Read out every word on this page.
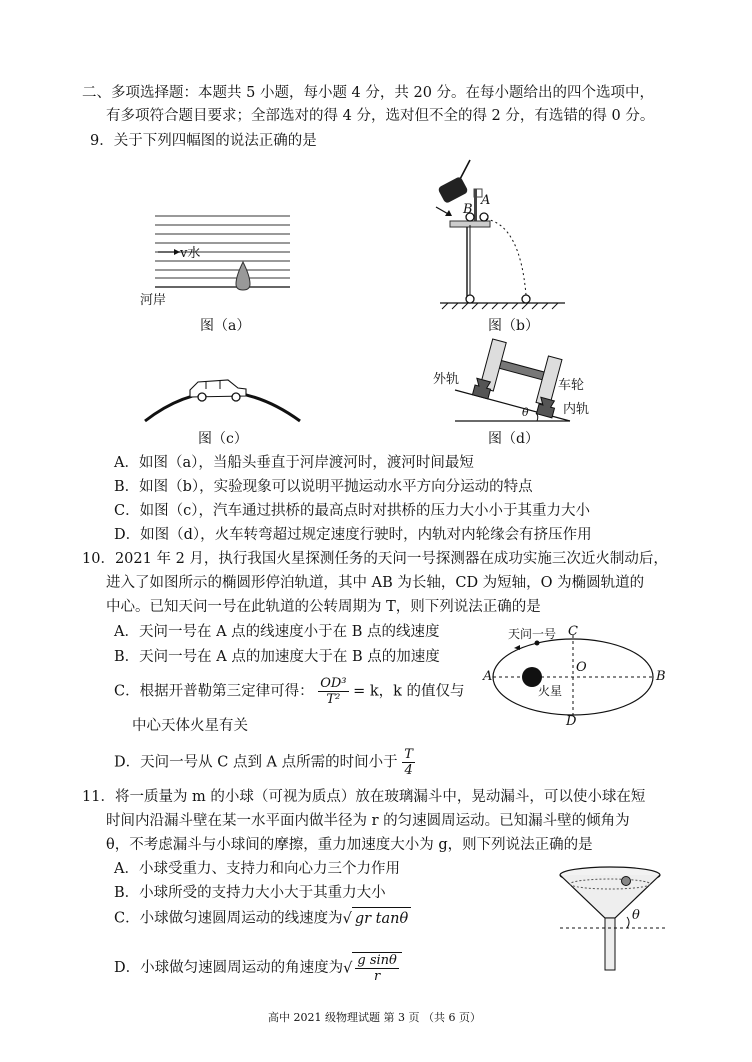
二、多项选择题：本题共 5 小题，每小题 4 分，共 20 分。在每小题给出的四个选项中，
有多项符合题目要求；全部选对的得 4 分，选对但不全的得 2 分，有选错的得 0 分。
9．关于下列四幅图的说法正确的是
v水
河岸
图（a）
B
A
图（b）
图（c）
外轨	车轮
内轨
θ
图（d）
A．如图（a），当船头垂直于河岸渡河时，渡河时间最短
B．如图（b），实验现象可以说明平抛运动水平方向分运动的特点
C．如图（c），汽车通过拱桥的最高点时对拱桥的压力大小小于其重力大小
D．如图（d），火车转弯超过规定速度行驶时，内轨对内轮缘会有挤压作用
10．2021 年 2 月，执行我国火星探测任务的天问一号探测器在成功实施三次近火制动后，
进入了如图所示的椭圆形停泊轨道，其中 AB 为长轴，CD 为短轴，O 为椭圆轨道的
中心。已知天问一号在此轨道的公转周期为 T，则下列说法正确的是
A．天问一号在 A 点的线速度小于在 B 点的线速度
B．天问一号在 A 点的加速度大于在 B 点的加速度
C．根据开普勒第三定律可得： $\frac{\text{OD³}}{\text{T²}} = k$，k 的值仅与
中心天体火星有关
D．天问一号从 C 点到 A 点所需的时间小于 $\frac{T}{4}$
天问一号 C
O
A	B
火星
D
11．将一质量为 m 的小球（可视为质点）放在玻璃漏斗中，晃动漏斗，可以使小球在短
时间内沿漏斗壁在某一水平面内做半径为 r 的匀速圆周运动。已知漏斗壁的倾角为
θ，不考虑漏斗与小球间的摩擦，重力加速度大小为 g，则下列说法正确的是
A．小球受重力、支持力和向心力三个力作用
B．小球所受的支持力大小大于其重力大小
C．小球做匀速圆周运动的线速度为√ gr tanθ
D．小球做匀速圆周运动的角速度为√ $\frac{\text{g sinθ}}{r}$
θ
高中 2021 级物理试题 第 3 页 （共 6 页）
